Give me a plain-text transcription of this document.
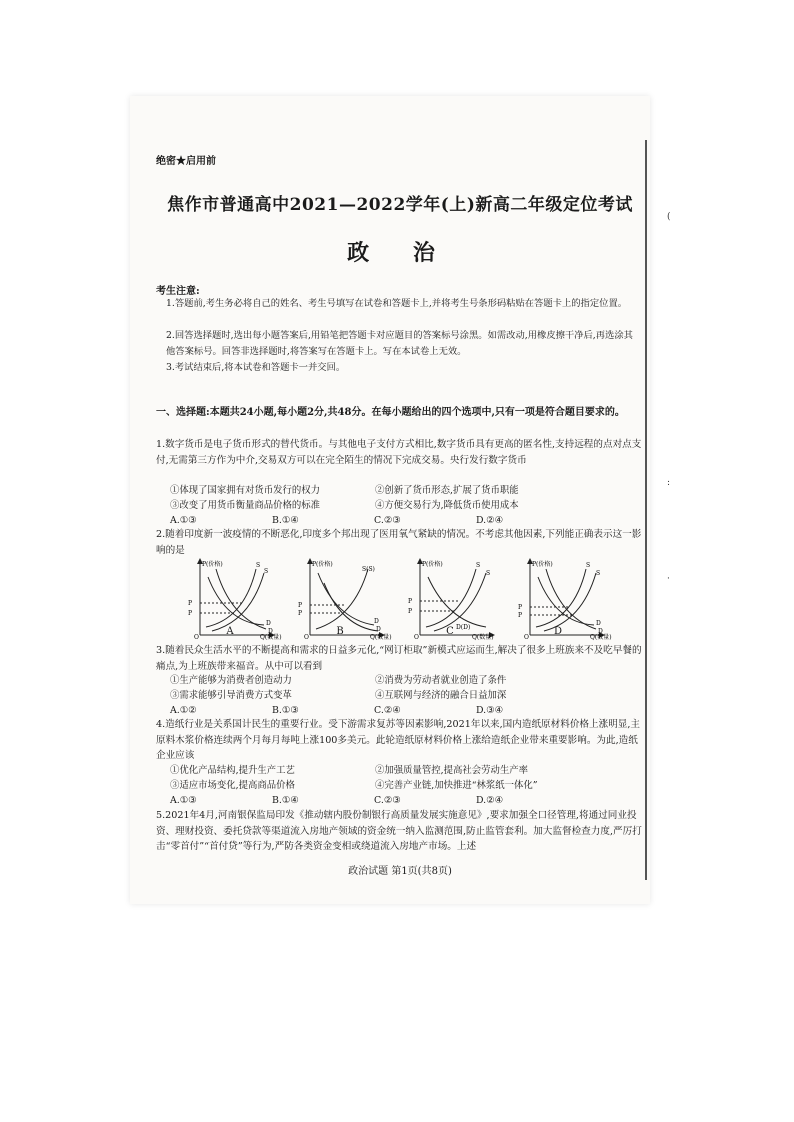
(
:
·
绝密★启用前
焦作市普通高中2021—2022学年(上)新高二年级定位考试
政 治
考生注意:
1.答题前,考生务必将自己的姓名、考生号填写在试卷和答题卡上,并将考生号条形码粘贴在答题卡上的指定位置。
2.回答选择题时,选出每小题答案后,用铅笔把答题卡对应题目的答案标号涂黑。如需改动,用橡皮擦干净后,再选涂其他答案标号。回答非选择题时,将答案写在答题卡上。写在本试卷上无效。
3.考试结束后,将本试卷和答题卡一并交回。
一、选择题:本题共24小题,每小题2分,共48分。在每小题给出的四个选项中,只有一项是符合题目要求的。
1.数字货币是电子货币形式的替代货币。与其他电子支付方式相比,数字货币具有更高的匿名性,支持远程的点对点支付,无需第三方作为中介,交易双方可以在完全陌生的情况下完成交易。央行发行数字货币
①体现了国家拥有对货币发行的权力	②创新了货币形态,扩展了货币职能
③改变了用货币衡量商品价格的标准	④方便交易行为,降低货币使用成本
A.①③	B.①④	C.②③	D.②④
2.随着印度新一波疫情的不断恶化,印度多个邦出现了医用氧气紧缺的情况。不考虑其他因素,下列能正确表示这一影响的是
P(价格)
P
P
S
S
D
D
Q(数量)
O
P(价格)
P
P
S(S)
D
D
Q(数量)
O
P(价格)
P
P
S
S
D(D)
Q(数量)
O
P(价格)
P
P
S
S
D
D
Q(数量)
O
A	B	C	D
3.随着民众生活水平的不断提高和需求的日益多元化,“网订柜取”新模式应运而生,解决了很多上班族来不及吃早餐的痛点,为上班族带来福音。从中可以看到
①生产能够为消费者创造动力	②消费为劳动者就业创造了条件
③需求能够引导消费方式变革	④互联网与经济的融合日益加深
A.①②	B.①③	C.②④	D.③④
4.造纸行业是关系国计民生的重要行业。受下游需求复苏等因素影响,2021年以来,国内造纸原材料价格上涨明显,主原料木浆价格连续两个月每月每吨上涨100多美元。此轮造纸原材料价格上涨给造纸企业带来重要影响。为此,造纸企业应该
①优化产品结构,提升生产工艺	②加强质量管控,提高社会劳动生产率
③适应市场变化,提高商品价格	④完善产业链,加快推进“林浆纸一体化”
A.①③	B.①④	C.②③	D.②④
5.2021年4月,河南银保监局印发《推动辖内股份制银行高质量发展实施意见》,要求加强全口径管理,将通过同业投资、理财投资、委托贷款等渠道流入房地产领域的资金统一纳入监测范围,防止监管套利。加大监督检查力度,严厉打击“零首付”“首付贷”等行为,严防各类资金变相或绕道流入房地产市场。上述
政治试题 第1页(共8页)
